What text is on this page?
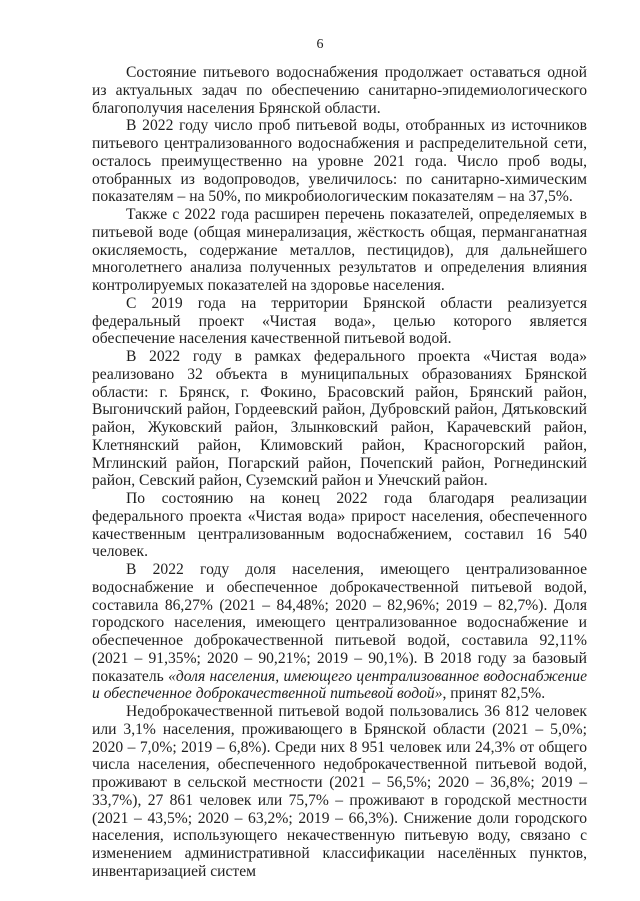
6

Состояние питьевого водоснабжения продолжает оставаться одной из актуальных задач по обеспечению санитарно-эпидемиологического благополучия населения Брянской области.

В 2022 году число проб питьевой воды, отобранных из источников питьевого централизованного водоснабжения и распределительной сети, осталось преимущественно на уровне 2021 года. Число проб воды, отобранных из водопроводов, увеличилось: по санитарно-химическим показателям – на 50%, по микробиологическим показателям – на 37,5%.

Также с 2022 года расширен перечень показателей, определяемых в питьевой воде (общая минерализация, жёсткость общая, перманганатная окисляемость, содержание металлов, пестицидов), для дальнейшего многолетнего анализа полученных результатов и определения влияния контролируемых показателей на здоровье населения.

С 2019 года на территории Брянской области реализуется федеральный проект «Чистая вода», целью которого является обеспечение населения качественной питьевой водой.

В 2022 году в рамках федерального проекта «Чистая вода» реализовано 32 объекта в муниципальных образованиях Брянской области: г. Брянск, г. Фокино, Брасовский район, Брянский район, Выгоничский район, Гордеевский район, Дубровский район, Дятьковский район, Жуковский район, Злынковский район, Карачевский район, Клетнянский район, Климовский район, Красногорский район, Мглинский район, Погарский район, Почепский район, Рогнединский район, Севский район, Суземский район и Унечский район.

По состоянию на конец 2022 года благодаря реализации федерального проекта «Чистая вода» прирост населения, обеспеченного качественным централизованным водоснабжением, составил 16 540 человек.

В 2022 году доля населения, имеющего централизованное водоснабжение и обеспеченное доброкачественной питьевой водой, составила 86,27% (2021 – 84,48%; 2020 – 82,96%; 2019 – 82,7%). Доля городского населения, имеющего централизованное водоснабжение и обеспеченное доброкачественной питьевой водой, составила 92,11% (2021 – 91,35%; 2020 – 90,21%; 2019 – 90,1%). В 2018 году за базовый показатель «доля населения, имеющего централизованное водоснабжение и обеспеченное доброкачественной питьевой водой», принят 82,5%.

Недоброкачественной питьевой водой пользовались 36 812 человек или 3,1% населения, проживающего в Брянской области (2021 – 5,0%; 2020 – 7,0%; 2019 – 6,8%). Среди них 8 951 человек или 24,3% от общего числа населения, обеспеченного недоброкачественной питьевой водой, проживают в сельской местности (2021 – 56,5%; 2020 – 36,8%; 2019 – 33,7%), 27 861 человек или 75,7% – проживают в городской местности (2021 – 43,5%; 2020 – 63,2%; 2019 – 66,3%). Снижение доли городского населения, использующего некачественную питьевую воду, связано с изменением административной классификации населённых пунктов, инвентаризацией систем
